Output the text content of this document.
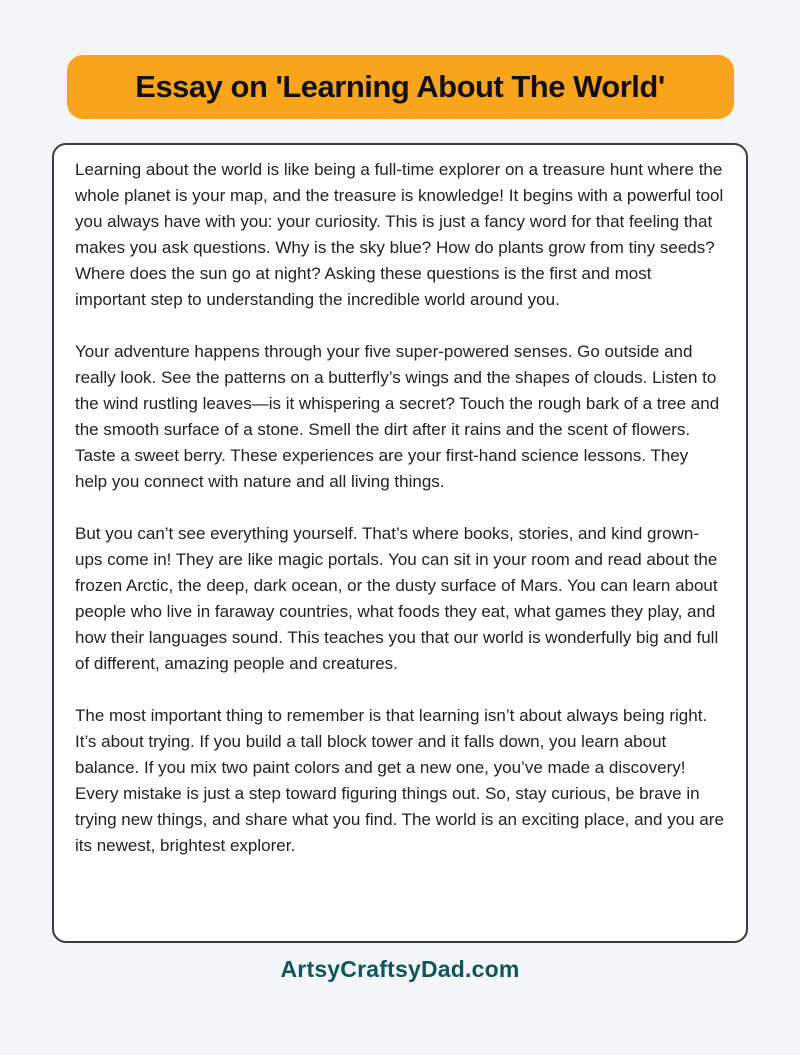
Essay on 'Learning About The World'

Learning about the world is like being a full-time explorer on a treasure hunt where the whole planet is your map, and the treasure is knowledge! It begins with a powerful tool you always have with you: your curiosity. This is just a fancy word for that feeling that makes you ask questions. Why is the sky blue? How do plants grow from tiny seeds? Where does the sun go at night? Asking these questions is the first and most important step to understanding the incredible world around you.

Your adventure happens through your five super-powered senses. Go outside and really look. See the patterns on a butterfly’s wings and the shapes of clouds. Listen to the wind rustling leaves—is it whispering a secret? Touch the rough bark of a tree and the smooth surface of a stone. Smell the dirt after it rains and the scent of flowers. Taste a sweet berry. These experiences are your first-hand science lessons. They help you connect with nature and all living things.

But you can’t see everything yourself. That’s where books, stories, and kind grown-ups come in! They are like magic portals. You can sit in your room and read about the frozen Arctic, the deep, dark ocean, or the dusty surface of Mars. You can learn about people who live in faraway countries, what foods they eat, what games they play, and how their languages sound. This teaches you that our world is wonderfully big and full of different, amazing people and creatures.

The most important thing to remember is that learning isn’t about always being right. It’s about trying. If you build a tall block tower and it falls down, you learn about balance. If you mix two paint colors and get a new one, you’ve made a discovery! Every mistake is just a step toward figuring things out. So, stay curious, be brave in trying new things, and share what you find. The world is an exciting place, and you are its newest, brightest explorer.

ArtsyCraftsyDad.com
